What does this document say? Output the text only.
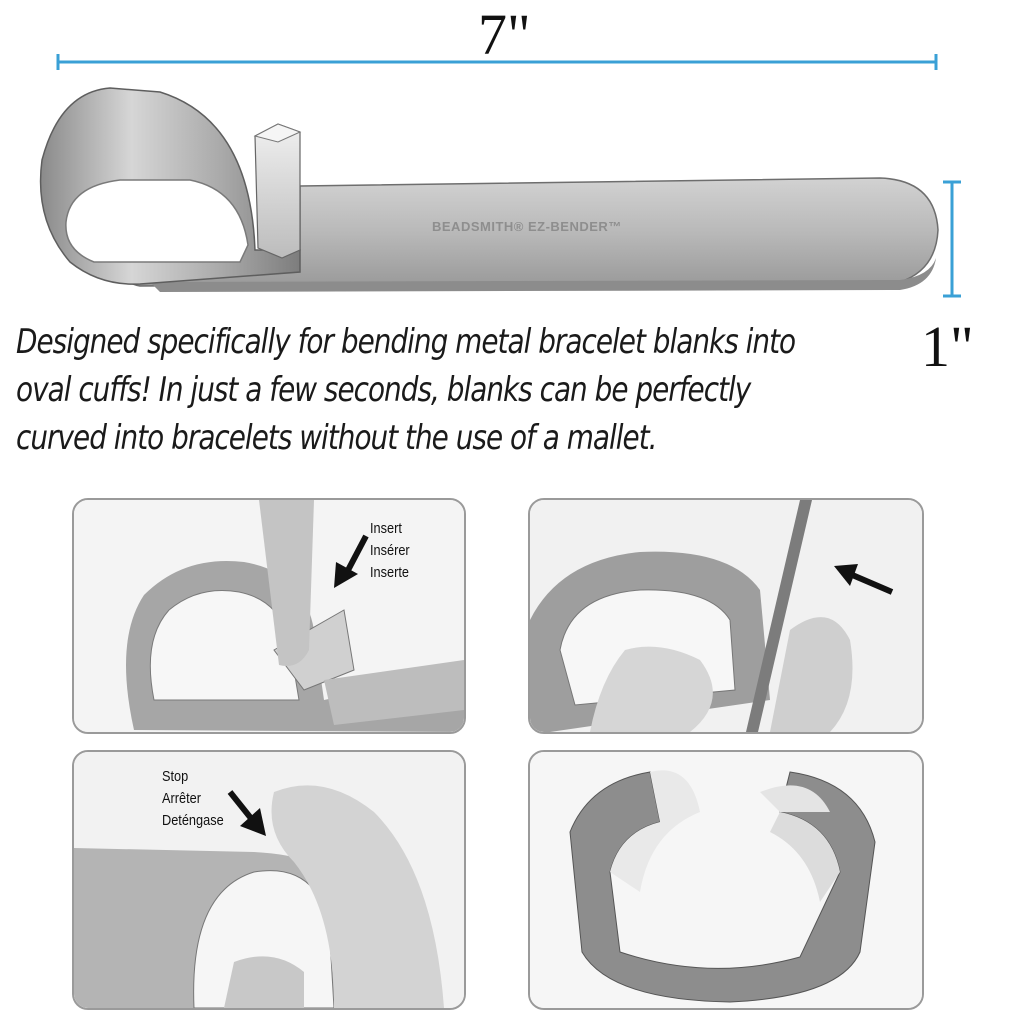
BEADSMITH® EZ-BENDER™
7"
1"
Designed specifically for bending metal bracelet blanks into
oval cuffs! In just a few seconds, blanks can be perfectly
curved into bracelets without the use of a mallet.
Insert
Insérer
Inserte
Stop
Arrêter
Deténgase
